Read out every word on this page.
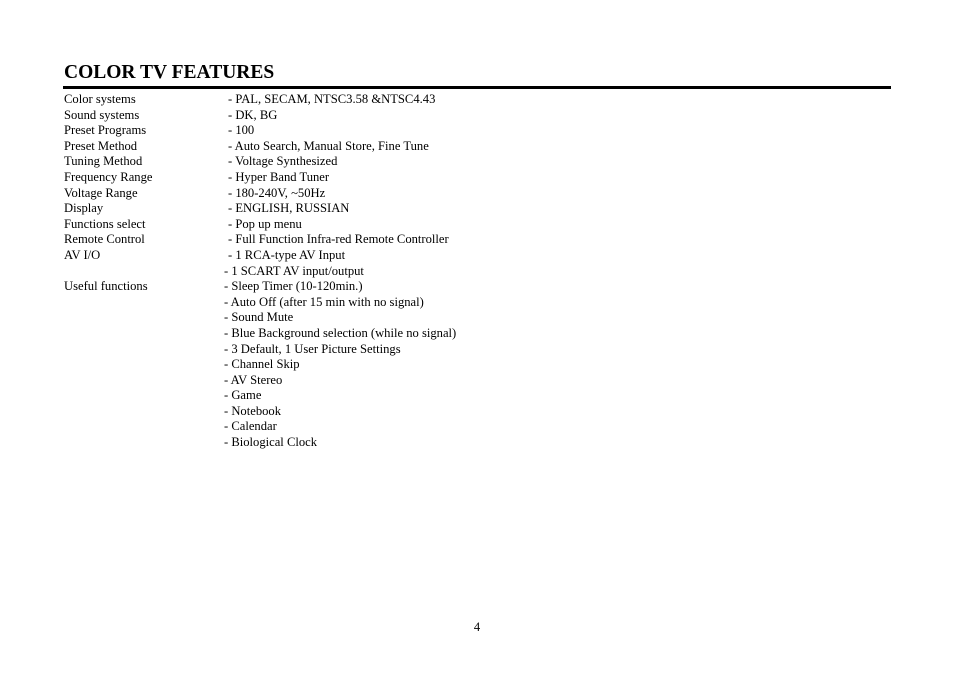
COLOR TV FEATURES
Color systems	- PAL, SECAM, NTSC3.58 &NTSC4.43
Sound systems	- DK, BG
Preset Programs	- 100
Preset Method	- Auto Search, Manual Store, Fine Tune
Tuning Method	- Voltage Synthesized
Frequency Range	- Hyper Band Tuner
Voltage Range	- 180-240V, ~50Hz
Display	- ENGLISH, RUSSIAN
Functions select	- Pop up menu
Remote Control	- Full Function Infra-red Remote Controller
AV I/O	- 1 RCA-type AV Input
- 1 SCART AV input/output
Useful functions	- Sleep Timer (10-120min.)
- Auto Off (after 15 min with no signal)
- Sound Mute
- Blue Background selection (while no signal)
- 3 Default, 1 User Picture Settings
- Channel Skip
- AV Stereo
- Game
- Notebook
- Calendar
- Biological Clock
4
